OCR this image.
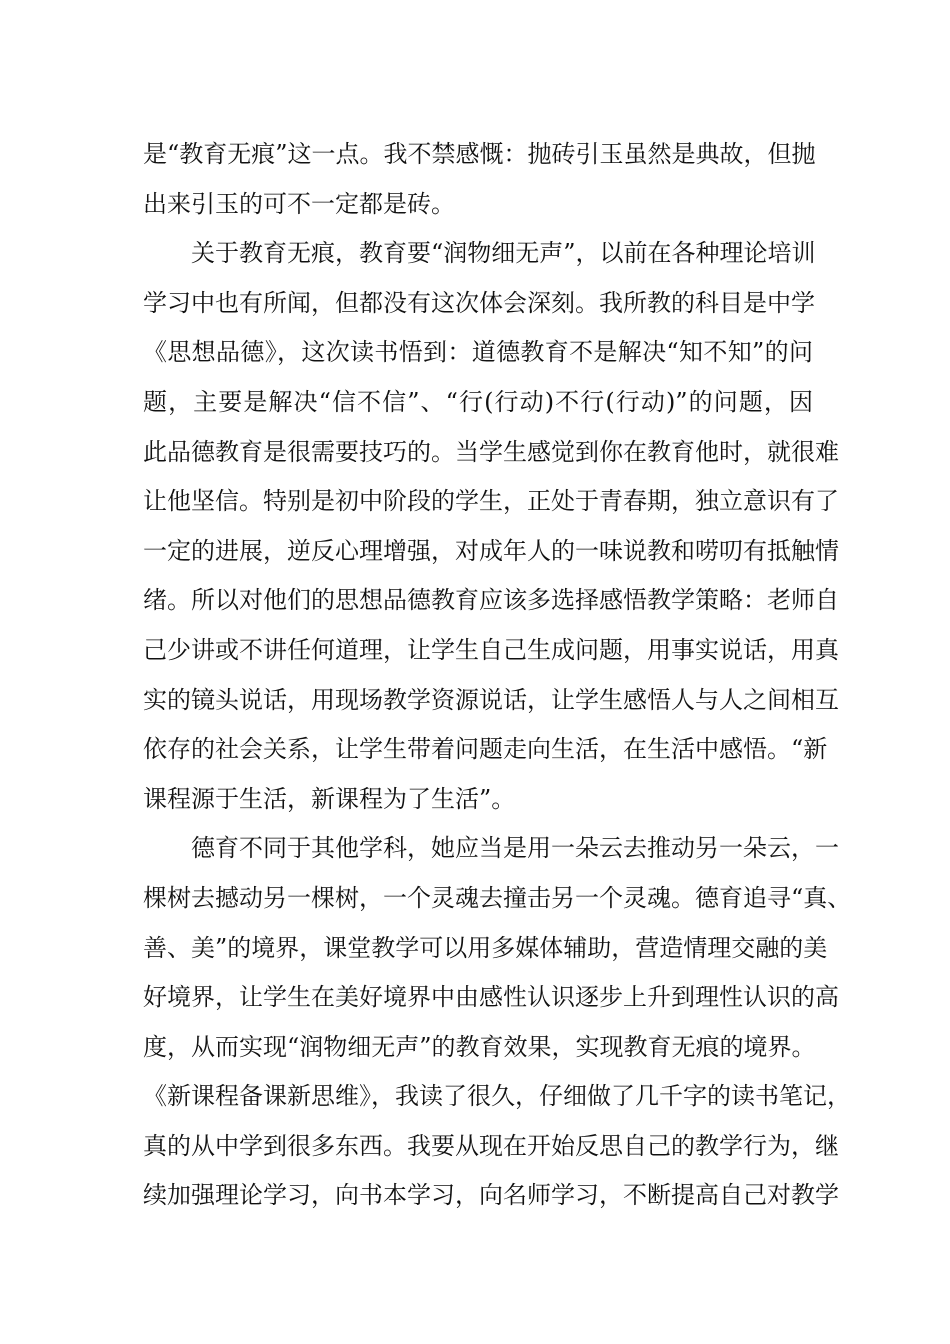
是“教育无痕”这一点。我不禁感慨：抛砖引玉虽然是典故，但抛
出来引玉的可不一定都是砖。
关于教育无痕，教育要“润物细无声”，以前在各种理论培训
学习中也有所闻，但都没有这次体会深刻。我所教的科目是中学
《思想品德》，这次读书悟到：道德教育不是解决“知不知”的问
题，主要是解决“信不信”、“行(行动)不行(行动)”的问题，因
此品德教育是很需要技巧的。当学生感觉到你在教育他时，就很难
让他坚信。特别是初中阶段的学生，正处于青春期，独立意识有了
一定的进展，逆反心理增强，对成年人的一味说教和唠叨有抵触情
绪。所以对他们的思想品德教育应该多选择感悟教学策略：老师自
己少讲或不讲任何道理，让学生自己生成问题，用事实说话，用真
实的镜头说话，用现场教学资源说话，让学生感悟人与人之间相互
依存的社会关系，让学生带着问题走向生活，在生活中感悟。“新
课程源于生活，新课程为了生活”。
德育不同于其他学科，她应当是用一朵云去推动另一朵云，一
棵树去撼动另一棵树，一个灵魂去撞击另一个灵魂。德育追寻“真、
善、美”的境界，课堂教学可以用多媒体辅助，营造情理交融的美
好境界，让学生在美好境界中由感性认识逐步上升到理性认识的高
度，从而实现“润物细无声”的教育效果，实现教育无痕的境界。
《新课程备课新思维》，我读了很久，仔细做了几千字的读书笔记，
真的从中学到很多东西。我要从现在开始反思自己的教学行为，继
续加强理论学习，向书本学习，向名师学习，不断提高自己对教学
